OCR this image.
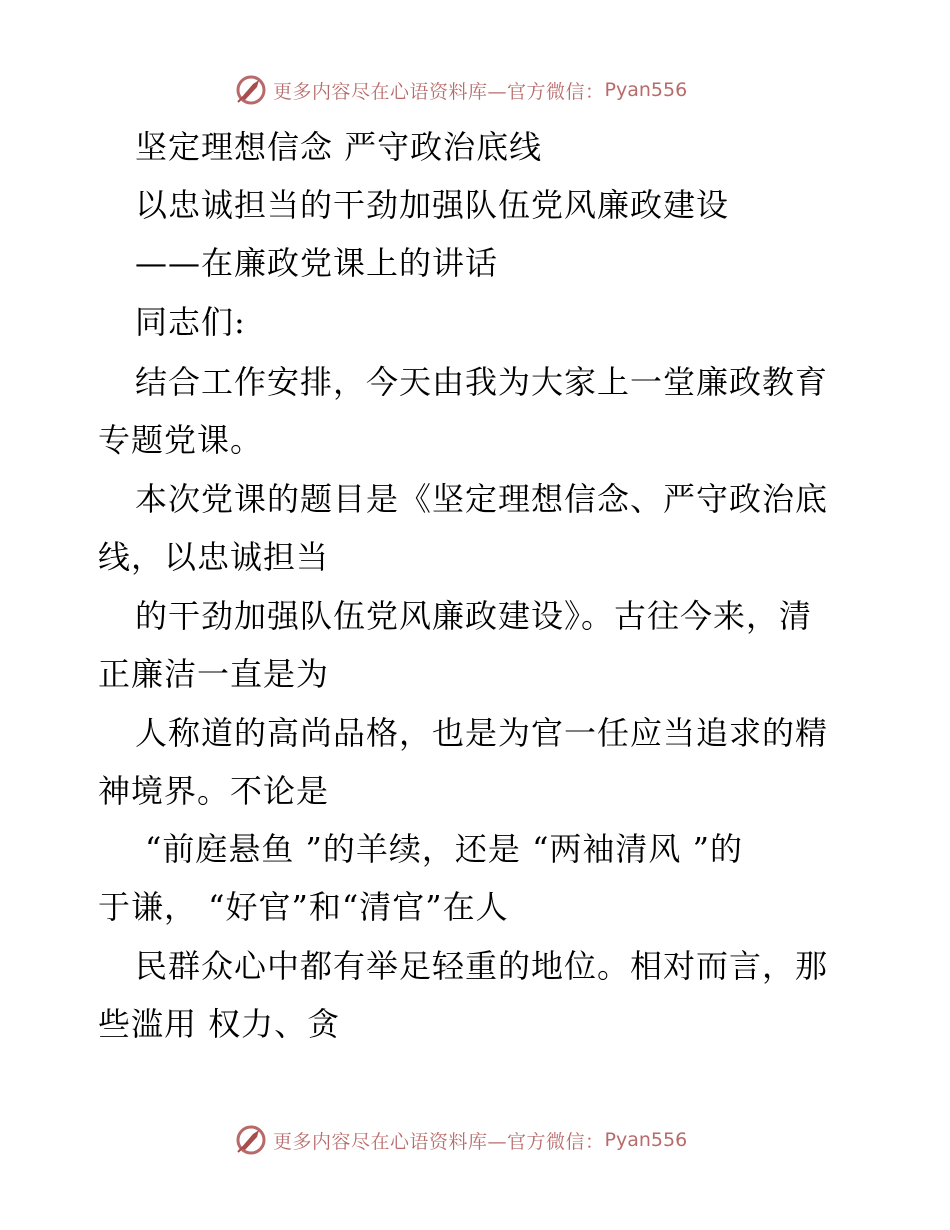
更多内容尽在心语资料库—官方微信： Pyan556
坚定理想信念 严守政治底线
以忠诚担当的干劲加强队伍党风廉政建设
——在廉政党课上的讲话
同志们:
结合工作安排，今天由我为大家上一堂廉政教育
专题党课。
本次党课的题目是《坚定理想信念、严守政治底
线，以忠诚担当
的干劲加强队伍党风廉政建设》。古往今来，清
正廉洁一直是为
人称道的高尚品格，也是为官一任应当追求的精
神境界。不论是
“前庭悬鱼 ”的羊续，还是 “两袖清风 ”的
于谦， “好官”和“清官”在人
民群众心中都有举足轻重的地位。相对而言，那
些滥用 权力、贪
更多内容尽在心语资料库—官方微信： Pyan556
